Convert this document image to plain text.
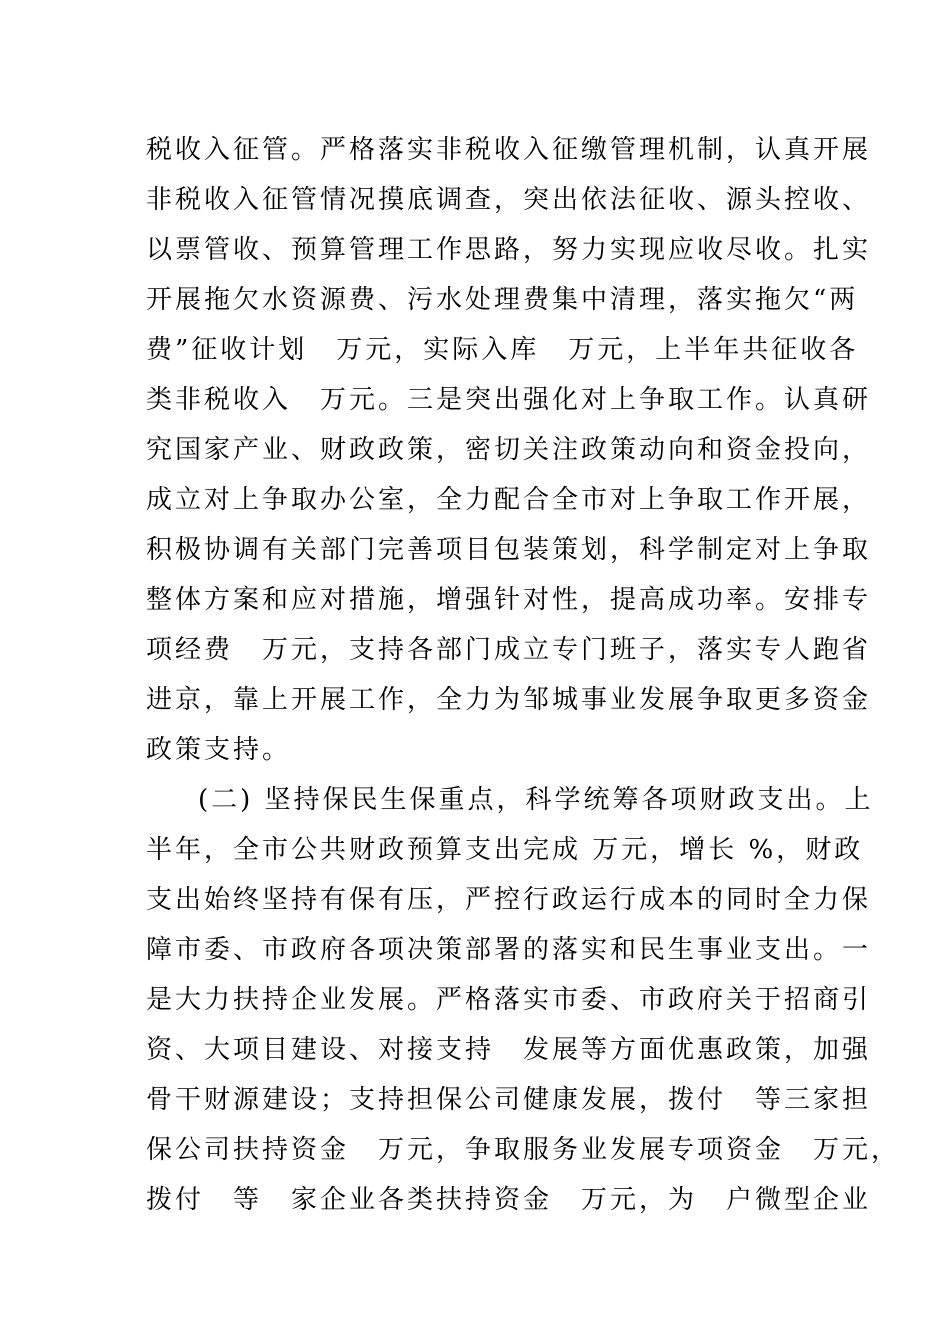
税收入征管。严格落实非税收入征缴管理机制，认真开展
非税收入征管情况摸底调查，突出依法征收、源头控收、
以票管收、预算管理工作思路，努力实现应收尽收。扎实
开展拖欠水资源费、污水处理费集中清理，落实拖欠“两
费”征收计划　万元，实际入库　万元，上半年共征收各
类非税收入　万元。三是突出强化对上争取工作。认真研
究国家产业、财政政策，密切关注政策动向和资金投向，
成立对上争取办公室，全力配合全市对上争取工作开展，
积极协调有关部门完善项目包装策划，科学制定对上争取
整体方案和应对措施，增强针对性，提高成功率。安排专
项经费　万元，支持各部门成立专门班子，落实专人跑省
进京，靠上开展工作，全力为邹城事业发展争取更多资金
政策支持。
(二) 坚持保民生保重点，科学统筹各项财政支出。上
半年，全市公共财政预算支出完成 万元，增长 %，财政
支出始终坚持有保有压，严控行政运行成本的同时全力保
障市委、市政府各项决策部署的落实和民生事业支出。一
是大力扶持企业发展。严格落实市委、市政府关于招商引
资、大项目建设、对接支持　发展等方面优惠政策，加强
骨干财源建设；支持担保公司健康发展，拨付　等三家担
保公司扶持资金　万元，争取服务业发展专项资金　万元，
拨付　等　家企业各类扶持资金　万元，为　户微型企业
